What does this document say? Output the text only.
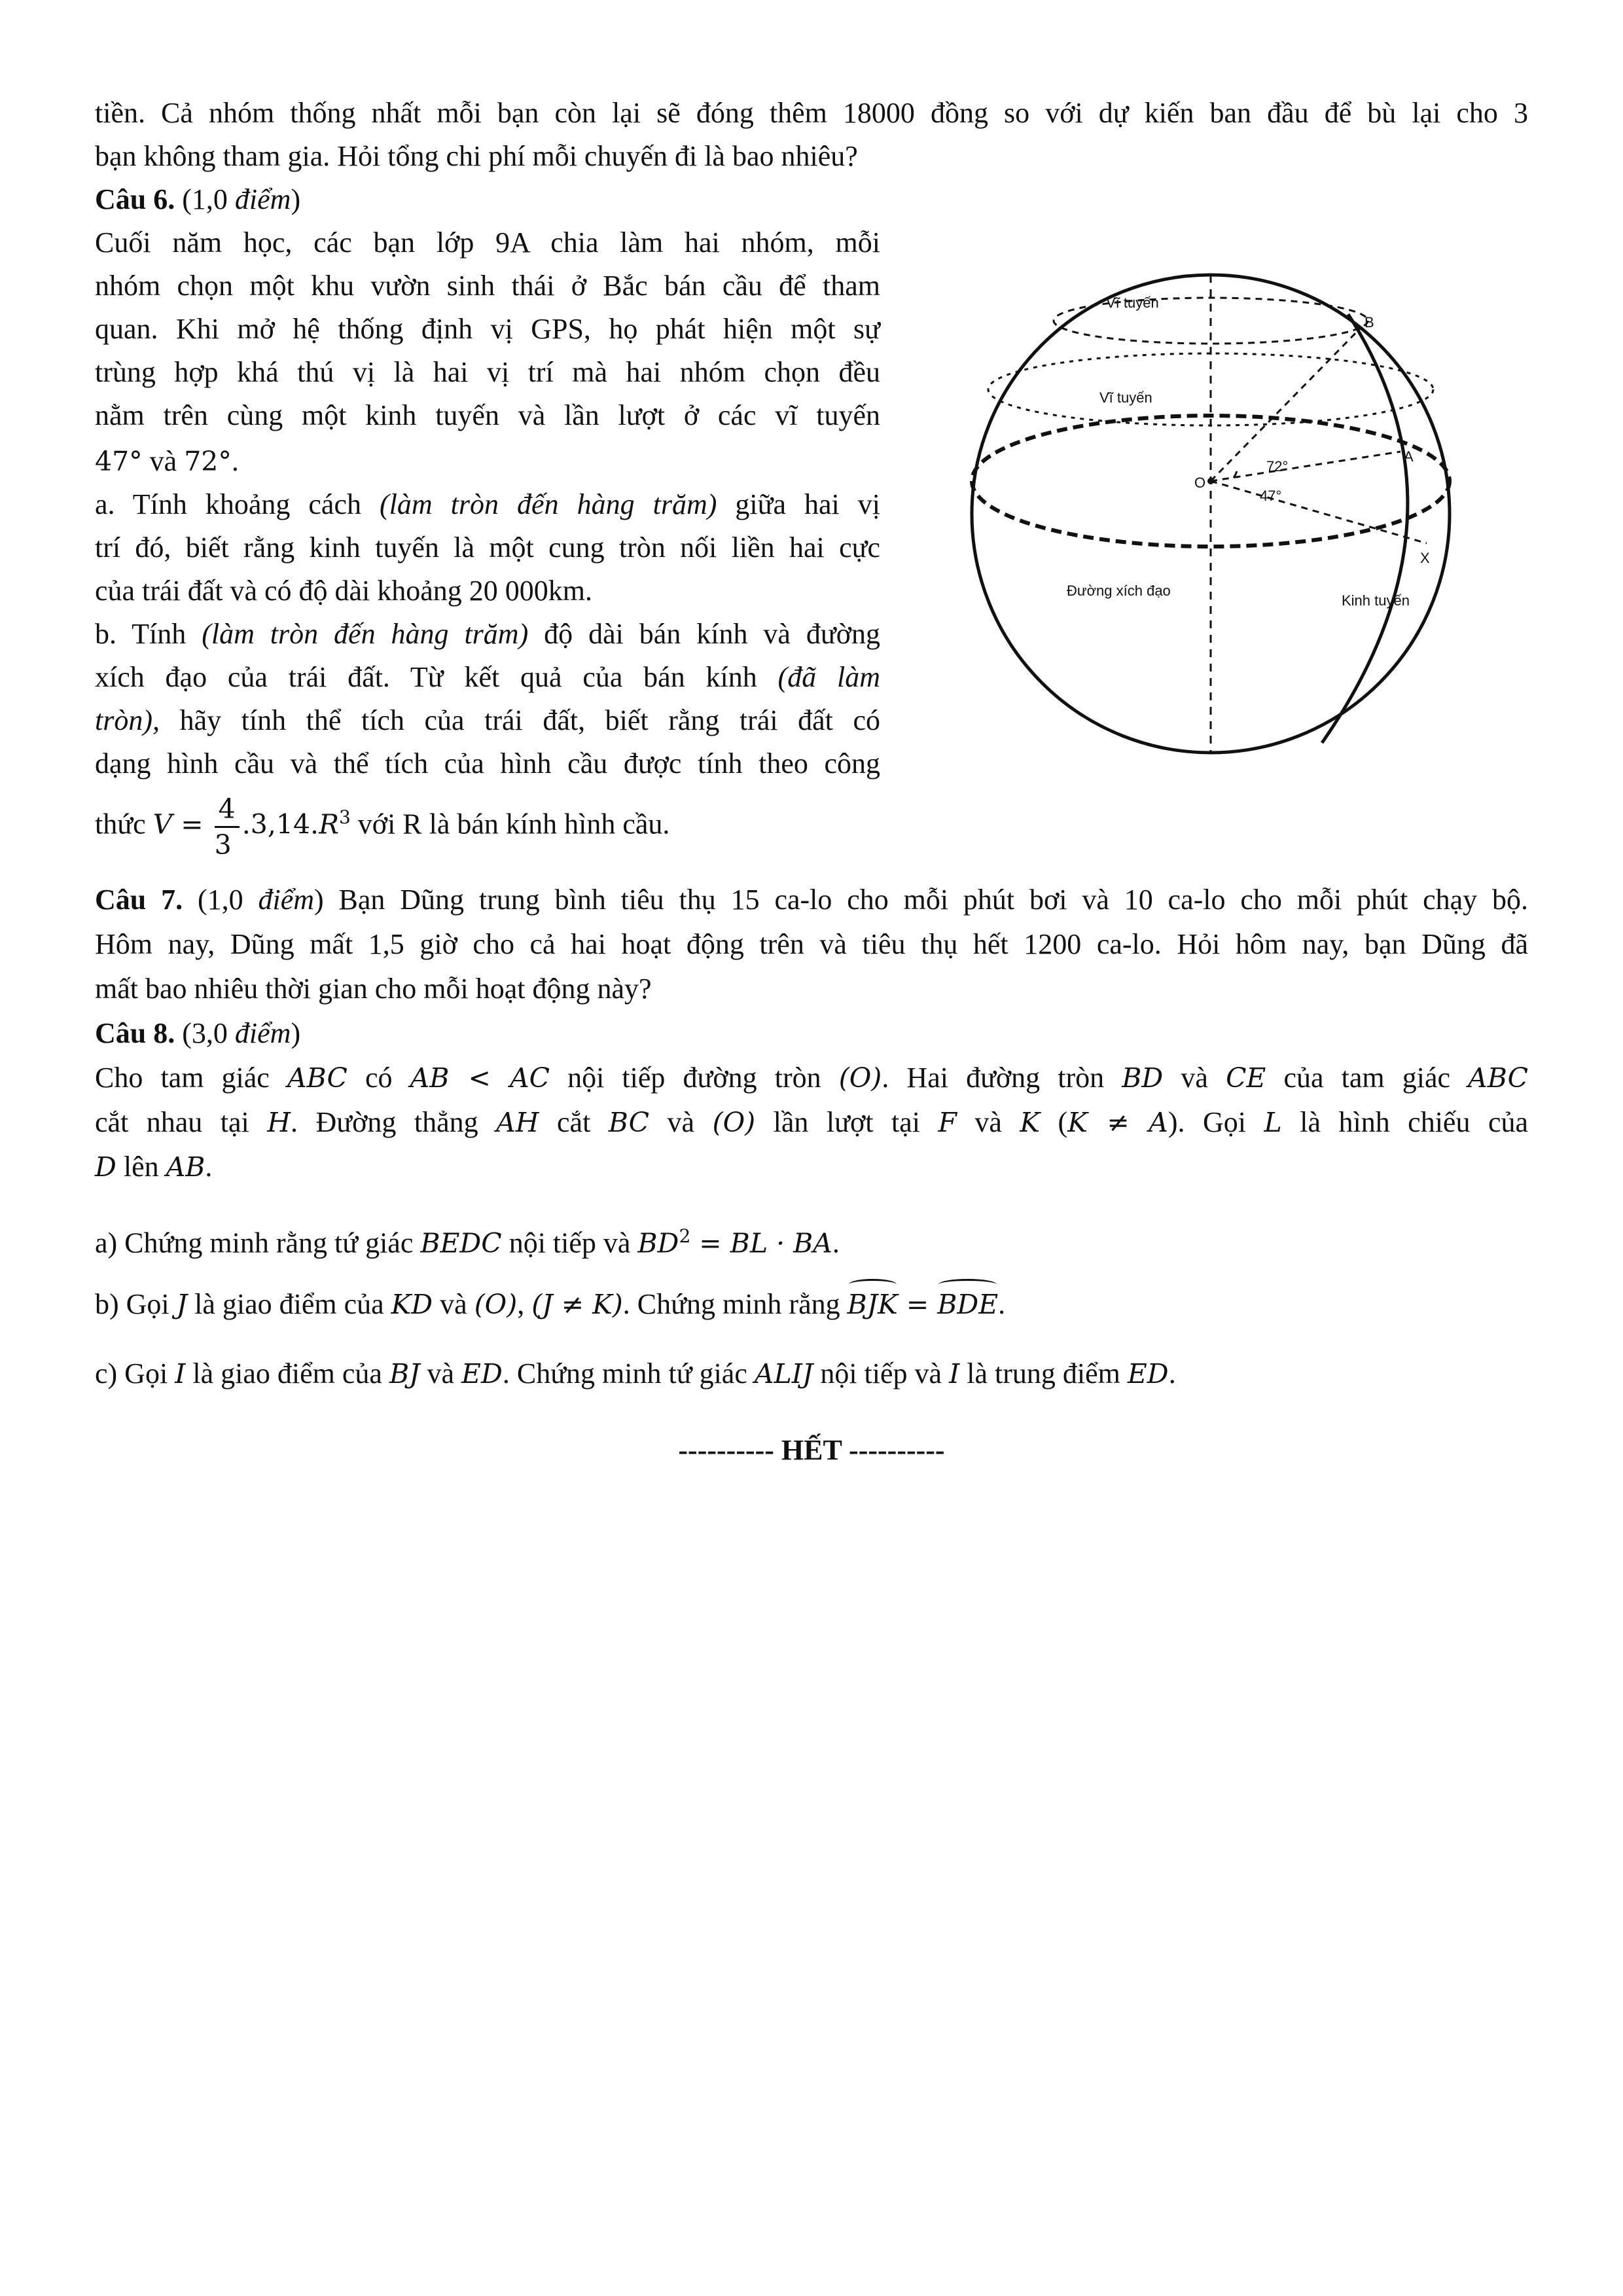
tiền. Cả nhóm thống nhất mỗi bạn còn lại sẽ đóng thêm 18000 đồng so với dự kiến ban đầu để bù lại cho 3
bạn không tham gia. Hỏi tổng chi phí mỗi chuyến đi là bao nhiêu?
Câu 6. (1,0 điểm)
Cuối năm học, các bạn lớp 9A chia làm hai nhóm, mỗi
nhóm chọn một khu vườn sinh thái ở Bắc bán cầu để tham
quan. Khi mở hệ thống định vị GPS, họ phát hiện một sự
trùng hợp khá thú vị là hai vị trí mà hai nhóm chọn đều
nằm trên cùng một kinh tuyến và lần lượt ở các vĩ tuyến
47° và 72°.
a. Tính khoảng cách (làm tròn đến hàng trăm) giữa hai vị
trí đó, biết rằng kinh tuyến là một cung tròn nối liền hai cực
của trái đất và có độ dài khoảng 20 000km.
b. Tính (làm tròn đến hàng trăm) độ dài bán kính và đường
xích đạo của trái đất. Từ kết quả của bán kính (đã làm
tròn), hãy tính thể tích của trái đất, biết rằng trái đất có
dạng hình cầu và thể tích của hình cầu được tính theo công
thức $V = \frac{4}{3} .3,14.R^3$ với R là bán kính hình cầu.
Vĩ tuyến
Vĩ tuyến
Đường xích đạo
Kinh tuyến
B
A
X
O
72°
47°
Câu 7. (1,0 điểm) Bạn Dũng trung bình tiêu thụ 15 ca-lo cho mỗi phút bơi và 10 ca-lo cho mỗi phút chạy bộ.
Hôm nay, Dũng mất 1,5 giờ cho cả hai hoạt động trên và tiêu thụ hết 1200 ca-lo. Hỏi hôm nay, bạn Dũng đã
mất bao nhiêu thời gian cho mỗi hoạt động này?
Câu 8. (3,0 điểm)
Cho tam giác ABC có AB < AC nội tiếp đường tròn (O). Hai đường tròn BD và CE của tam giác ABC
cắt nhau tại H. Đường thẳng AH cắt BC và (O) lần lượt tại F và K (K ≠ A). Gọi L là hình chiếu của
D lên AB.
a) Chứng minh rằng tứ giác BEDC nội tiếp và $BD^2$ = BL · BA.
b) Gọi J là giao điểm của KD và (O), (J ≠ K). Chứng minh rằng BJK = BDE.
c) Gọi I là giao điểm của BJ và ED. Chứng minh tứ giác ALIJ nội tiếp và I là trung điểm ED.
---------- HẾT ----------
